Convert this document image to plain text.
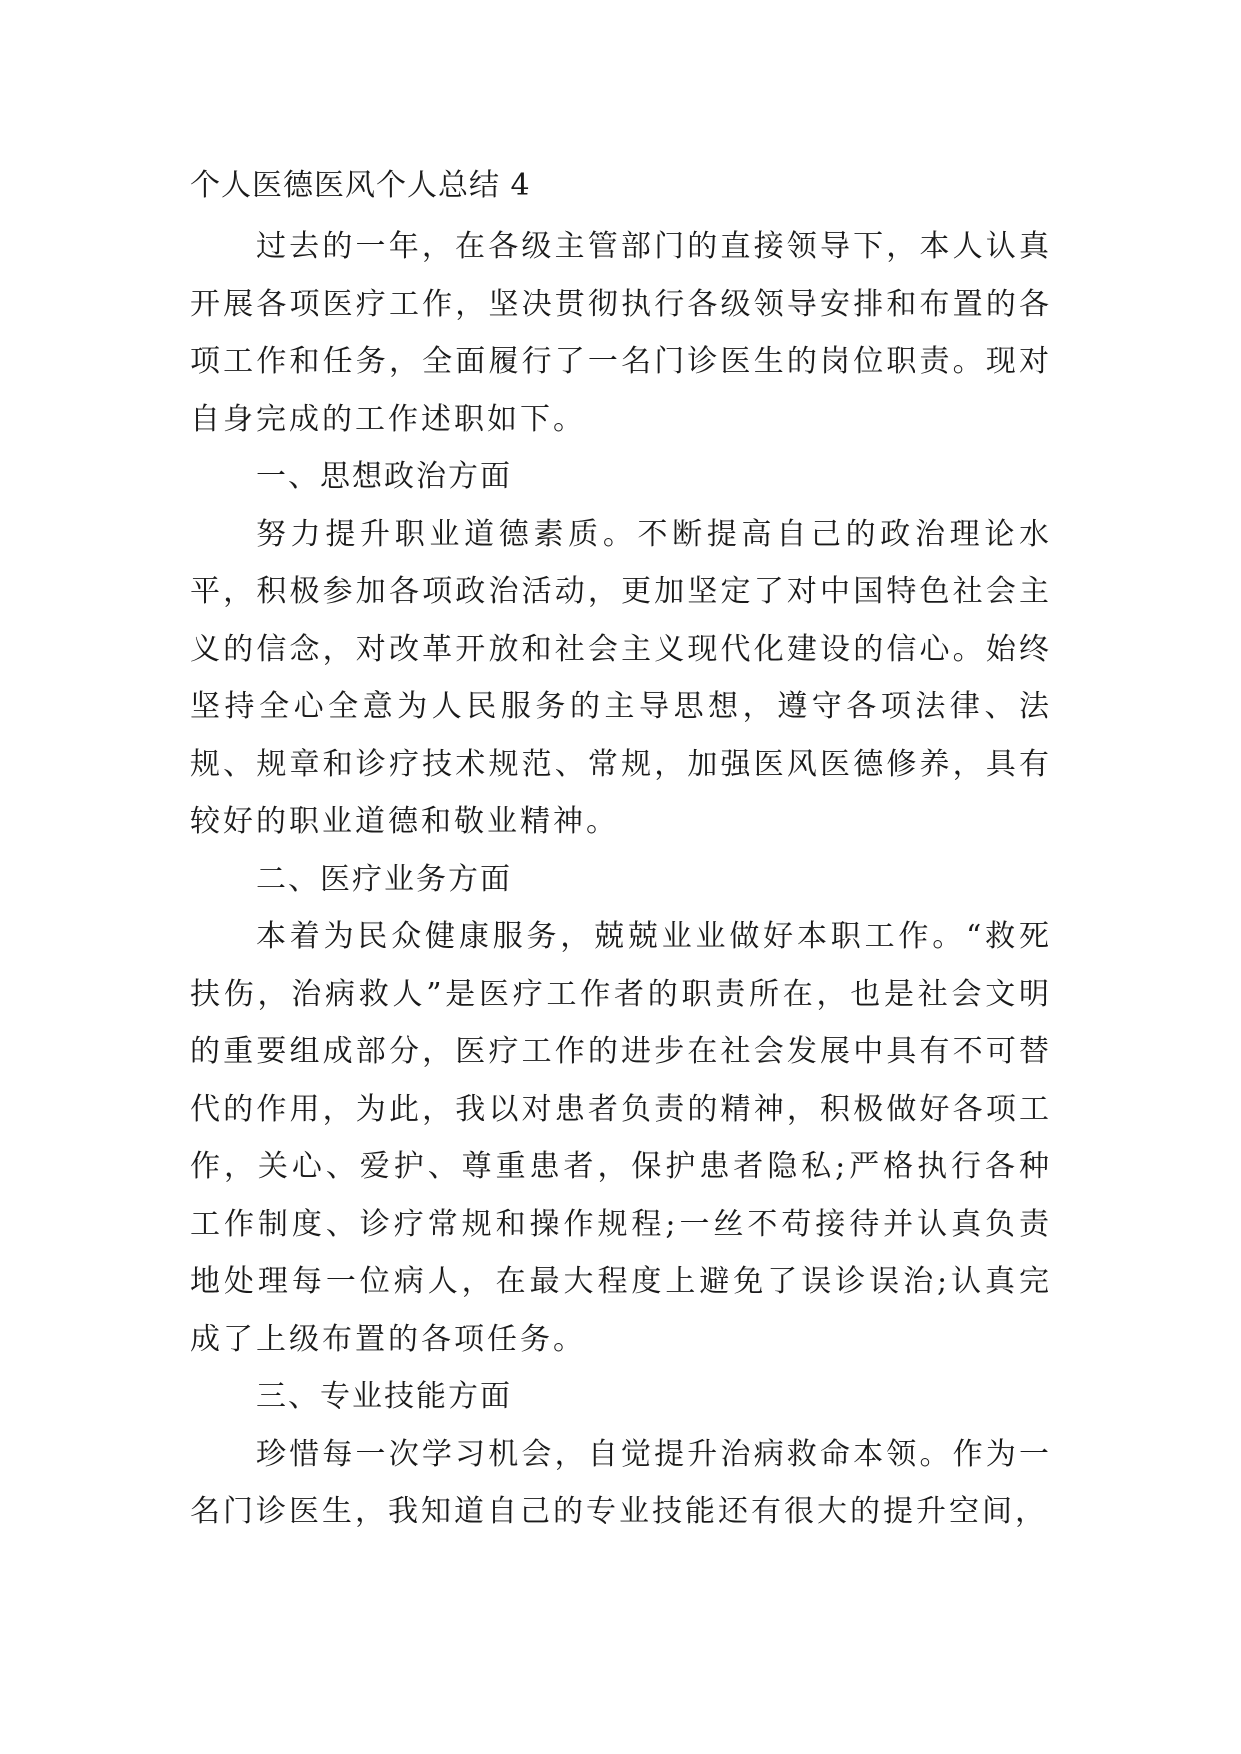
个人医德医风个人总结 4

过去的一年，在各级主管部门的直接领导下，本人认真开展各项医疗工作，坚决贯彻执行各级领导安排和布置的各项工作和任务，全面履行了一名门诊医生的岗位职责。现对自身完成的工作述职如下。

一、思想政治方面

努力提升职业道德素质。不断提高自己的政治理论水平，积极参加各项政治活动，更加坚定了对中国特色社会主义的信念，对改革开放和社会主义现代化建设的信心。始终坚持全心全意为人民服务的主导思想，遵守各项法律、法规、规章和诊疗技术规范、常规，加强医风医德修养，具有较好的职业道德和敬业精神。

二、医疗业务方面

本着为民众健康服务，兢兢业业做好本职工作。“救死扶伤，治病救人”是医疗工作者的职责所在，也是社会文明的重要组成部分，医疗工作的进步在社会发展中具有不可替代的作用，为此，我以对患者负责的精神，积极做好各项工作，关心、爱护、尊重患者，保护患者隐私;严格执行各种工作制度、诊疗常规和操作规程;一丝不苟接待并认真负责地处理每一位病人，在最大程度上避免了误诊误治;认真完成了上级布置的各项任务。

三、专业技能方面

珍惜每一次学习机会，自觉提升治病救命本领。作为一名门诊医生，我知道自己的专业技能还有很大的提升空间，
